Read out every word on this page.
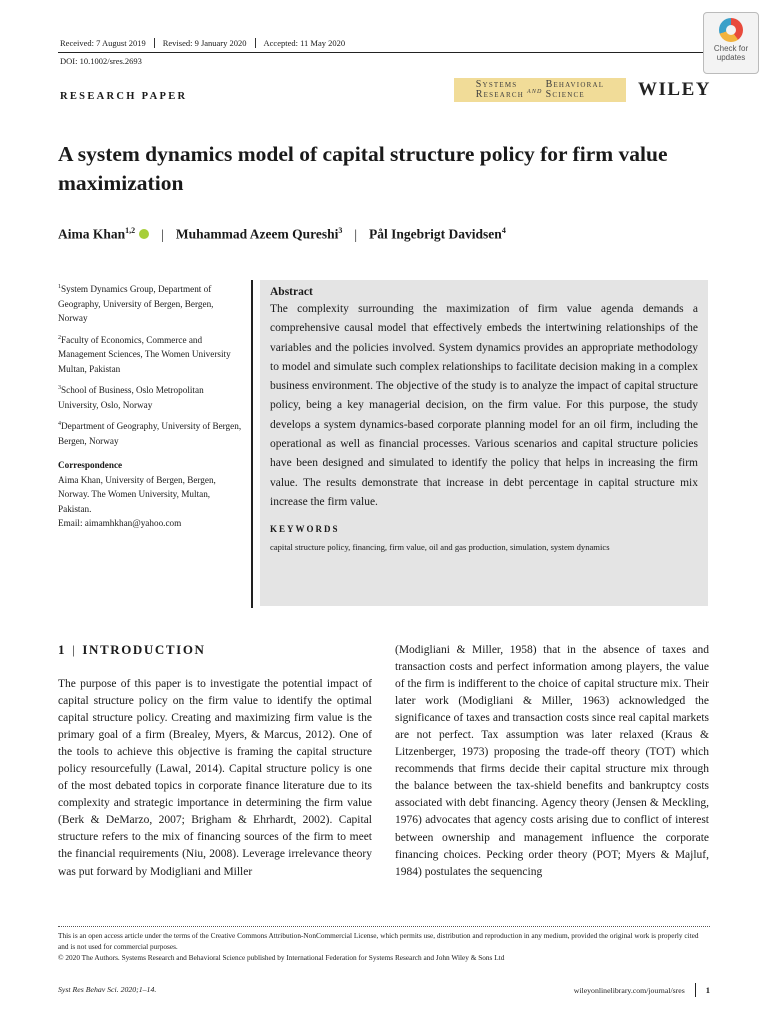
Received: 7 August 2019	Revised: 9 January 2020	Accepted: 11 May 2020
DOI: 10.1002/sres.2693
Check for
updates
Systems
Research and Behavioral
Science	WILEY
RESEARCH PAPER
A system dynamics model of capital structure policy for firm value maximization
Aima Khan$^{1,2}$ | Muhammad Azeem Qureshi$^3$ | Pål Ingebrigt Davidsen$^4$

$^1$System Dynamics Group, Department of Geography, University of Bergen, Bergen, Norway

$^2$Faculty of Economics, Commerce and Management Sciences, The Women University Multan, Pakistan

$^3$School of Business, Oslo Metropolitan University, Oslo, Norway

$^4$Department of Geography, University of Bergen, Bergen, Norway

Correspondence
Aima Khan, University of Bergen, Bergen, Norway. The Women University, Multan, Pakistan.
Email: aimamhkhan@yahoo.com
Abstract

The complexity surrounding the maximization of firm value agenda demands a comprehensive causal model that effectively embeds the intertwining relationships of the variables and the policies involved. System dynamics provides an appropriate methodology to model and simulate such complex relationships to facilitate decision making in a complex business environment. The objective of the study is to analyze the impact of capital structure policy, being a key managerial decision, on the firm value. For this purpose, the study develops a system dynamics-based corporate planning model for an oil firm, including the operational as well as financial processes. Various scenarios and capital structure policies have been designed and simulated to identify the policy that helps in increasing the firm value. The results demonstrate that increase in debt percentage in capital structure mix increase the firm value.

KEYWORDS
capital structure policy, financing, firm value, oil and gas production, simulation, system dynamics
1 | INTRODUCTION

The purpose of this paper is to investigate the potential impact of capital structure policy on the firm value to identify the optimal capital structure policy. Creating and maximizing firm value is the primary goal of a firm (Brealey, Myers, & Marcus, 2012). One of the tools to achieve this objective is framing the capital structure policy resourcefully (Lawal, 2014). Capital structure policy is one of the most debated topics in corporate finance literature due to its complexity and strategic importance in determining the firm value (Berk & DeMarzo, 2007; Brigham & Ehrhardt, 2002). Capital structure refers to the mix of financing sources of the firm to meet the financial requirements (Niu, 2008). Leverage irrelevance theory was put forward by Modigliani and Miller

(Modigliani & Miller, 1958) that in the absence of taxes and transaction costs and perfect information among players, the value of the firm is indifferent to the choice of capital structure mix. Their later work (Modigliani & Miller, 1963) acknowledged the significance of taxes and transaction costs since real capital markets are not perfect. Tax assumption was later relaxed (Kraus & Litzenberger, 1973) proposing the trade-off theory (TOT) which recommends that firms decide their capital structure mix through the balance between the tax-shield benefits and bankruptcy costs associated with debt financing. Agency theory (Jensen & Meckling, 1976) advocates that agency costs arising due to conflict of interest between ownership and management influence the corporate financing choices. Pecking order theory (POT; Myers & Majluf, 1984) postulates the sequencing

This is an open access article under the terms of the Creative Commons Attribution-NonCommercial License, which permits use, distribution and reproduction in any medium, provided the original work is properly cited and is not used for commercial purposes.
© 2020 The Authors. Systems Research and Behavioral Science published by International Federation for Systems Research and John Wiley & Sons Ltd
Syst Res Behav Sci. 2020;1–14.	wileyonlinelibrary.com/journal/sres 1
